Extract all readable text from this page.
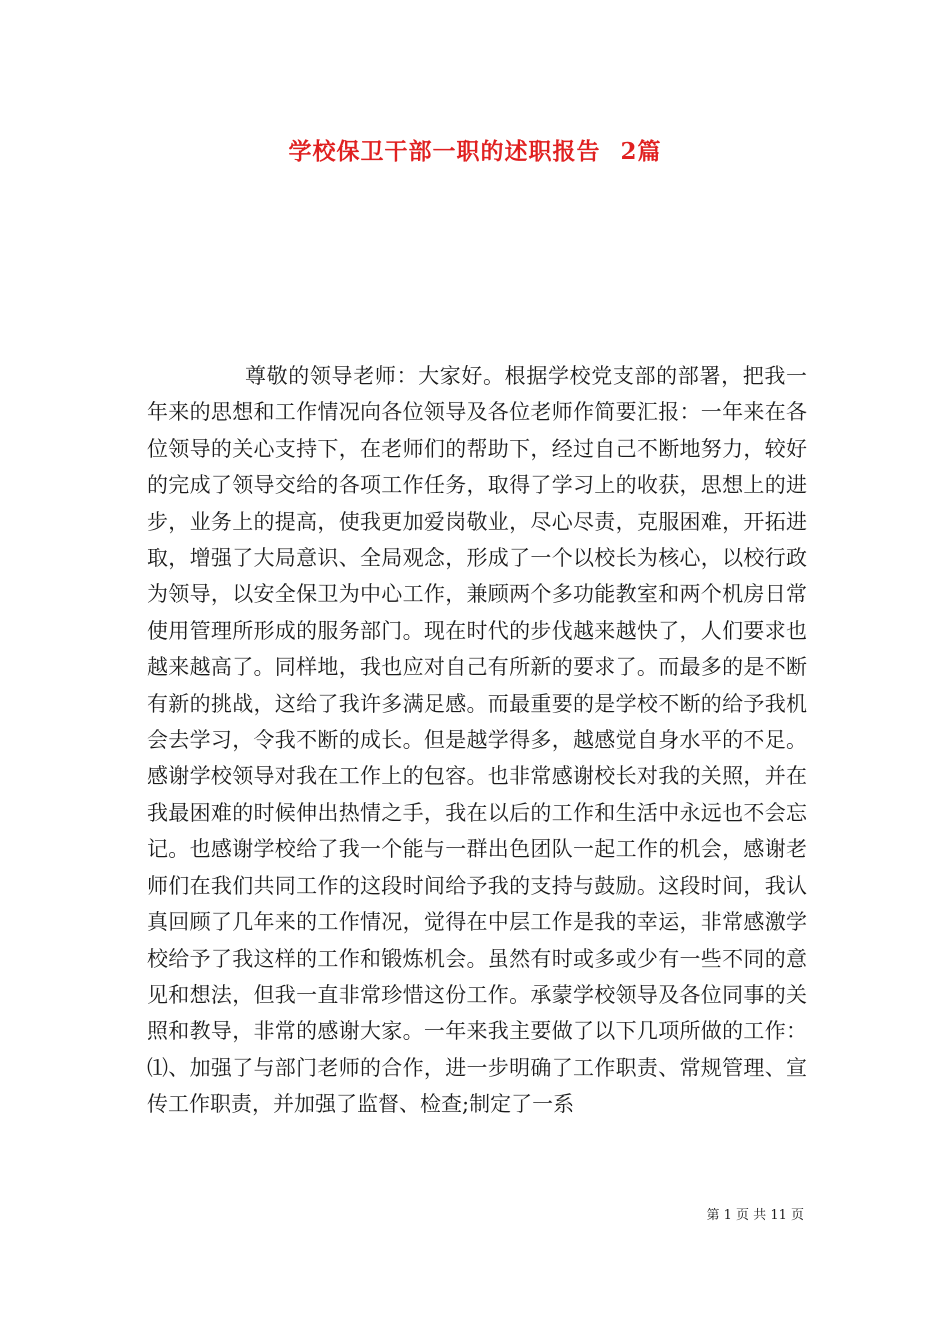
学校保卫干部一职的述职报告 2篇

尊敬的领导老师：大家好。根据学校党支部的部署，把我一年来的思想和工作情况向各位领导及各位老师作简要汇报：一年来在各位领导的关心支持下，在老师们的帮助下，经过自己不断地努力，较好的完成了领导交给的各项工作任务，取得了学习上的收获，思想上的进步，业务上的提高，使我更加爱岗敬业，尽心尽责，克服困难，开拓进取，增强了大局意识、全局观念，形成了一个以校长为核心，以校行政为领导，以安全保卫为中心工作，兼顾两个多功能教室和两个机房日常使用管理所形成的服务部门。现在时代的步伐越来越快了，人们要求也越来越高了。同样地，我也应对自己有所新的要求了。而最多的是不断有新的挑战，这给了我许多满足感。而最重要的是学校不断的给予我机会去学习，令我不断的成长。但是越学得多，越感觉自身水平的不足。感谢学校领导对我在工作上的包容。也非常感谢校长对我的关照，并在我最困难的时候伸出热情之手，我在以后的工作和生活中永远也不会忘记。也感谢学校给了我一个能与一群出色团队一起工作的机会，感谢老师们在我们共同工作的这段时间给予我的支持与鼓励。这段时间，我认真回顾了几年来的工作情况，觉得在中层工作是我的幸运，非常感激学校给予了我这样的工作和锻炼机会。虽然有时或多或少有一些不同的意见和想法，但我一直非常珍惜这份工作。承蒙学校领导及各位同事的关照和教导，非常的感谢大家。一年来我主要做了以下几项所做的工作：⑴、加强了与部门老师的合作，进一步明确了工作职责、常规管理、宣传工作职责，并加强了监督、检查;制定了一系

第 1 页 共 11 页
